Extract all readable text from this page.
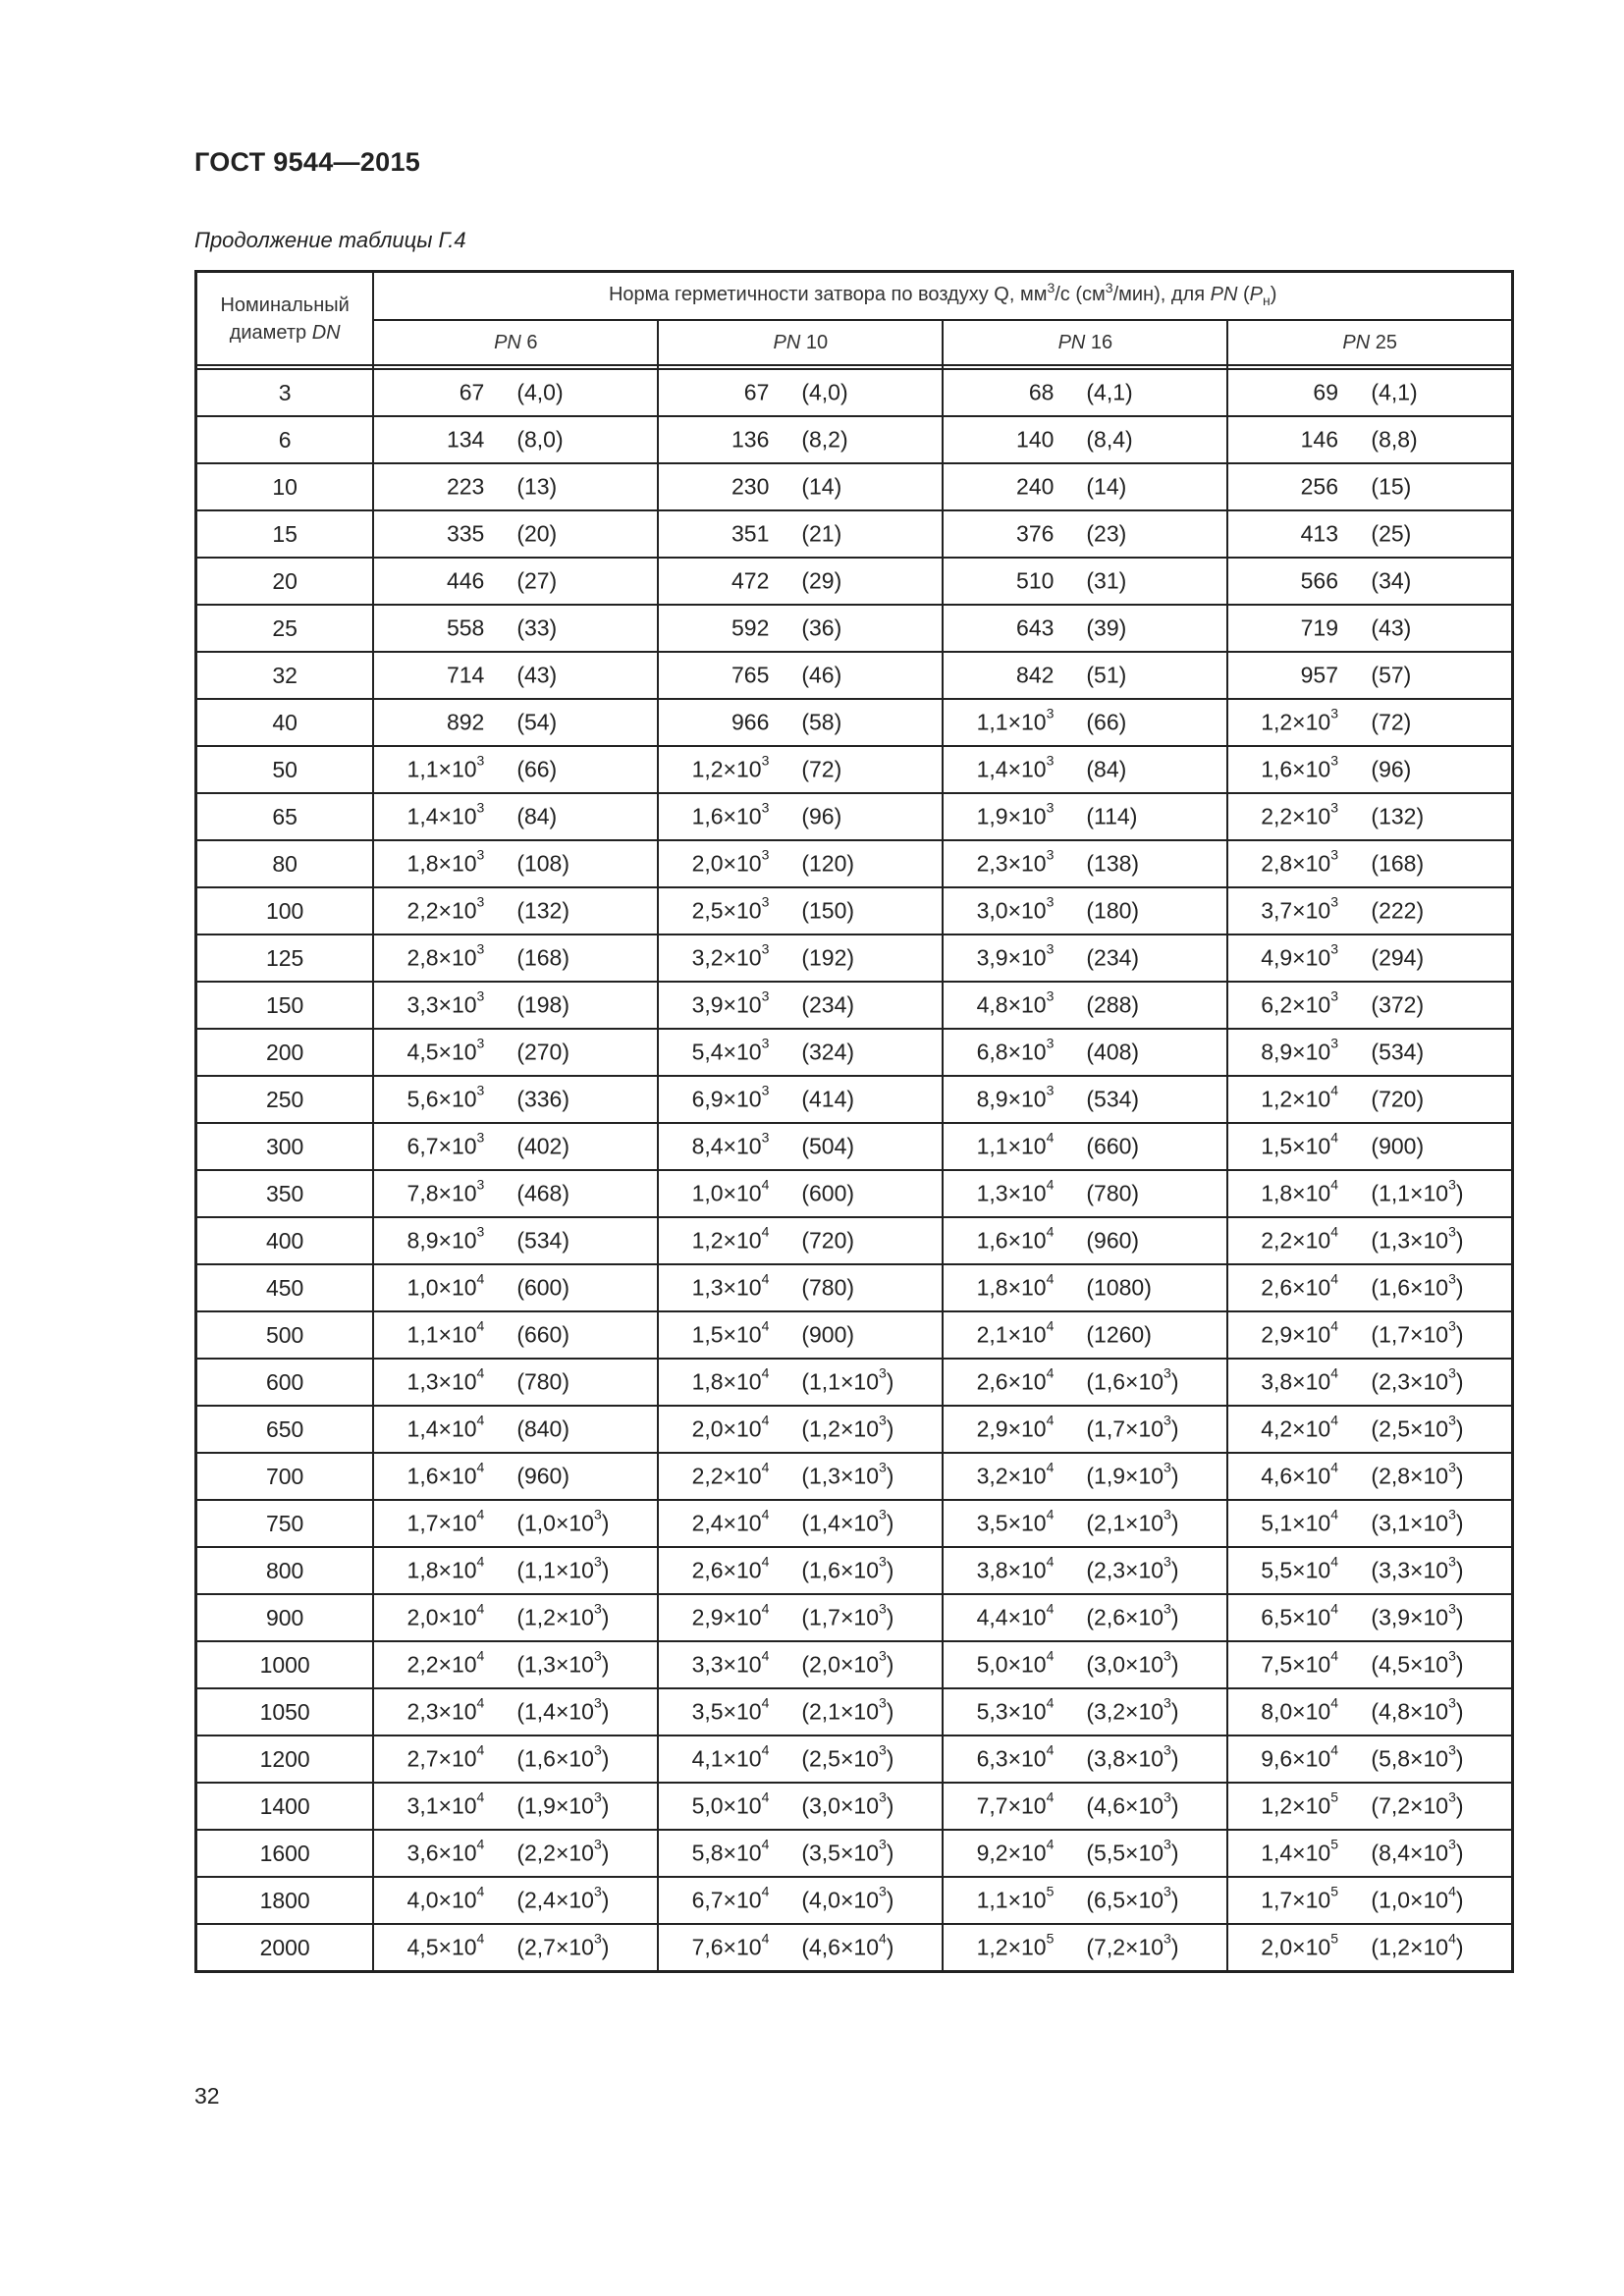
ГОСТ 9544—2015
Продолжение таблицы Г.4
Номинальный
диаметр DN	Норма герметичности затвора по воздуху Q, $мм^3/с$ $(см^3/мин)$, для PN $(P_н)$			
	PN 6	PN 10	PN 16	PN 25

3	67 (4,0)	67 (4,0)	68 (4,1)	69 (4,1)

6	134 (8,0)	136 (8,2)	140 (8,4)	146 (8,8)

10	223 (13)	230 (14)	240 (14)	256 (15)

15	335 (20)	351 (21)	376 (23)	413 (25)

20	446 (27)	472 (29)	510 (31)	566 (34)

25	558 (33)	592 (36)	643 (39)	719 (43)

32	714 (43)	765 (46)	842 (51)	957 (57)

40	892 (54)	966 (58)	$1,1\times 10^3$ (66)	$1,2\times 10^3$ (72)

50	$1,1\times 10^3$ (66)	$1,2\times 10^3$ (72)	$1,4\times 10^3$ (84)	$1,6\times 10^3$ (96)

65	$1,4\times 10^3$ (84)	$1,6\times 10^3$ (96)	$1,9\times 10^3$ (114)	$2,2\times 10^3$ (132)

80	$1,8\times 10^3$ (108)	$2,0\times 10^3$ (120)	$2,3\times 10^3$ (138)	$2,8\times 10^3$ (168)

100	$2,2\times 10^3$ (132)	$2,5\times 10^3$ (150)	$3,0\times 10^3$ (180)	$3,7\times 10^3$ (222)

125	$2,8\times 10^3$ (168)	$3,2\times 10^3$ (192)	$3,9\times 10^3$ (234)	$4,9\times 10^3$ (294)

150	$3,3\times 10^3$ (198)	$3,9\times 10^3$ (234)	$4,8\times 10^3$ (288)	$6,2\times 10^3$ (372)

200	$4,5\times 10^3$ (270)	$5,4\times 10^3$ (324)	$6,8\times 10^3$ (408)	$8,9\times 10^3$ (534)

250	$5,6\times 10^3$ (336)	$6,9\times 10^3$ (414)	$8,9\times 10^3$ (534)	$1,2\times 10^4$ (720)

300	$6,7\times 10^3$ (402)	$8,4\times 10^3$ (504)	$1,1\times 10^4$ (660)	$1,5\times 10^4$ (900)

350	$7,8\times 10^3$ (468)	$1,0\times 10^4$ (600)	$1,3\times 10^4$ (780)	$1,8\times 10^4$ $(1,1\times 10^3)$

400	$8,9\times 10^3$ (534)	$1,2\times 10^4$ (720)	$1,6\times 10^4$ (960)	$2,2\times 10^4$ $(1,3\times 10^3)$

450	$1,0\times 10^4$ (600)	$1,3\times 10^4$ (780)	$1,8\times 10^4$ (1080)	$2,6\times 10^4$ $(1,6\times 10^3)$

500	$1,1\times 10^4$ (660)	$1,5\times 10^4$ (900)	$2,1\times 10^4$ (1260)	$2,9\times 10^4$ $(1,7\times 10^3)$

600	$1,3\times 10^4$ (780)	$1,8\times 10^4$ $(1,1\times 10^3)$	$2,6\times 10^4$ $(1,6\times 10^3)$	$3,8\times 10^4$ $(2,3\times 10^3)$

650	$1,4\times 10^4$ (840)	$2,0\times 10^4$ $(1,2\times 10^3)$	$2,9\times 10^4$ $(1,7\times 10^3)$	$4,2\times 10^4$ $(2,5\times 10^3)$

700	$1,6\times 10^4$ (960)	$2,2\times 10^4$ $(1,3\times 10^3)$	$3,2\times 10^4$ $(1,9\times 10^3)$	$4,6\times 10^4$ $(2,8\times 10^3)$

750	$1,7\times 10^4$ $(1,0\times 10^3)$	$2,4\times 10^4$ $(1,4\times 10^3)$	$3,5\times 10^4$ $(2,1\times 10^3)$	$5,1\times 10^4$ $(3,1\times 10^3)$

800	$1,8\times 10^4$ $(1,1\times 10^3)$	$2,6\times 10^4$ $(1,6\times 10^3)$	$3,8\times 10^4$ $(2,3\times 10^3)$	$5,5\times 10^4$ $(3,3\times 10^3)$

900	$2,0\times 10^4$ $(1,2\times 10^3)$	$2,9\times 10^4$ $(1,7\times 10^3)$	$4,4\times 10^4$ $(2,6\times 10^3)$	$6,5\times 10^4$ $(3,9\times 10^3)$

1000	$2,2\times 10^4$ $(1,3\times 10^3)$	$3,3\times 10^4$ $(2,0\times 10^3)$	$5,0\times 10^4$ $(3,0\times 10^3)$	$7,5\times 10^4$ $(4,5\times 10^3)$

1050	$2,3\times 10^4$ $(1,4\times 10^3)$	$3,5\times 10^4$ $(2,1\times 10^3)$	$5,3\times 10^4$ $(3,2\times 10^3)$	$8,0\times 10^4$ $(4,8\times 10^3)$

1200	$2,7\times 10^4$ $(1,6\times 10^3)$	$4,1\times 10^4$ $(2,5\times 10^3)$	$6,3\times 10^4$ $(3,8\times 10^3)$	$9,6\times 10^4$ $(5,8\times 10^3)$

1400	$3,1\times 10^4$ $(1,9\times 10^3)$	$5,0\times 10^4$ $(3,0\times 10^3)$	$7,7\times 10^4$ $(4,6\times 10^3)$	$1,2\times 10^5$ $(7,2\times 10^3)$

1600	$3,6\times 10^4$ $(2,2\times 10^3)$	$5,8\times 10^4$ $(3,5\times 10^3)$	$9,2\times 10^4$ $(5,5\times 10^3)$	$1,4\times 10^5$ $(8,4\times 10^3)$

1800	$4,0\times 10^4$ $(2,4\times 10^3)$	$6,7\times 10^4$ $(4,0\times 10^3)$	$1,1\times 10^5$ $(6,5\times 10^3)$	$1,7\times 10^5$ $(1,0\times 10^4)$

2000	$4,5\times 10^4$ $(2,7\times 10^3)$	$7,6\times 10^4$ $(4,6\times 10^4)$	$1,2\times 10^5$ $(7,2\times 10^3)$	$2,0\times 10^5$ $(1,2\times 10^4)$
32
